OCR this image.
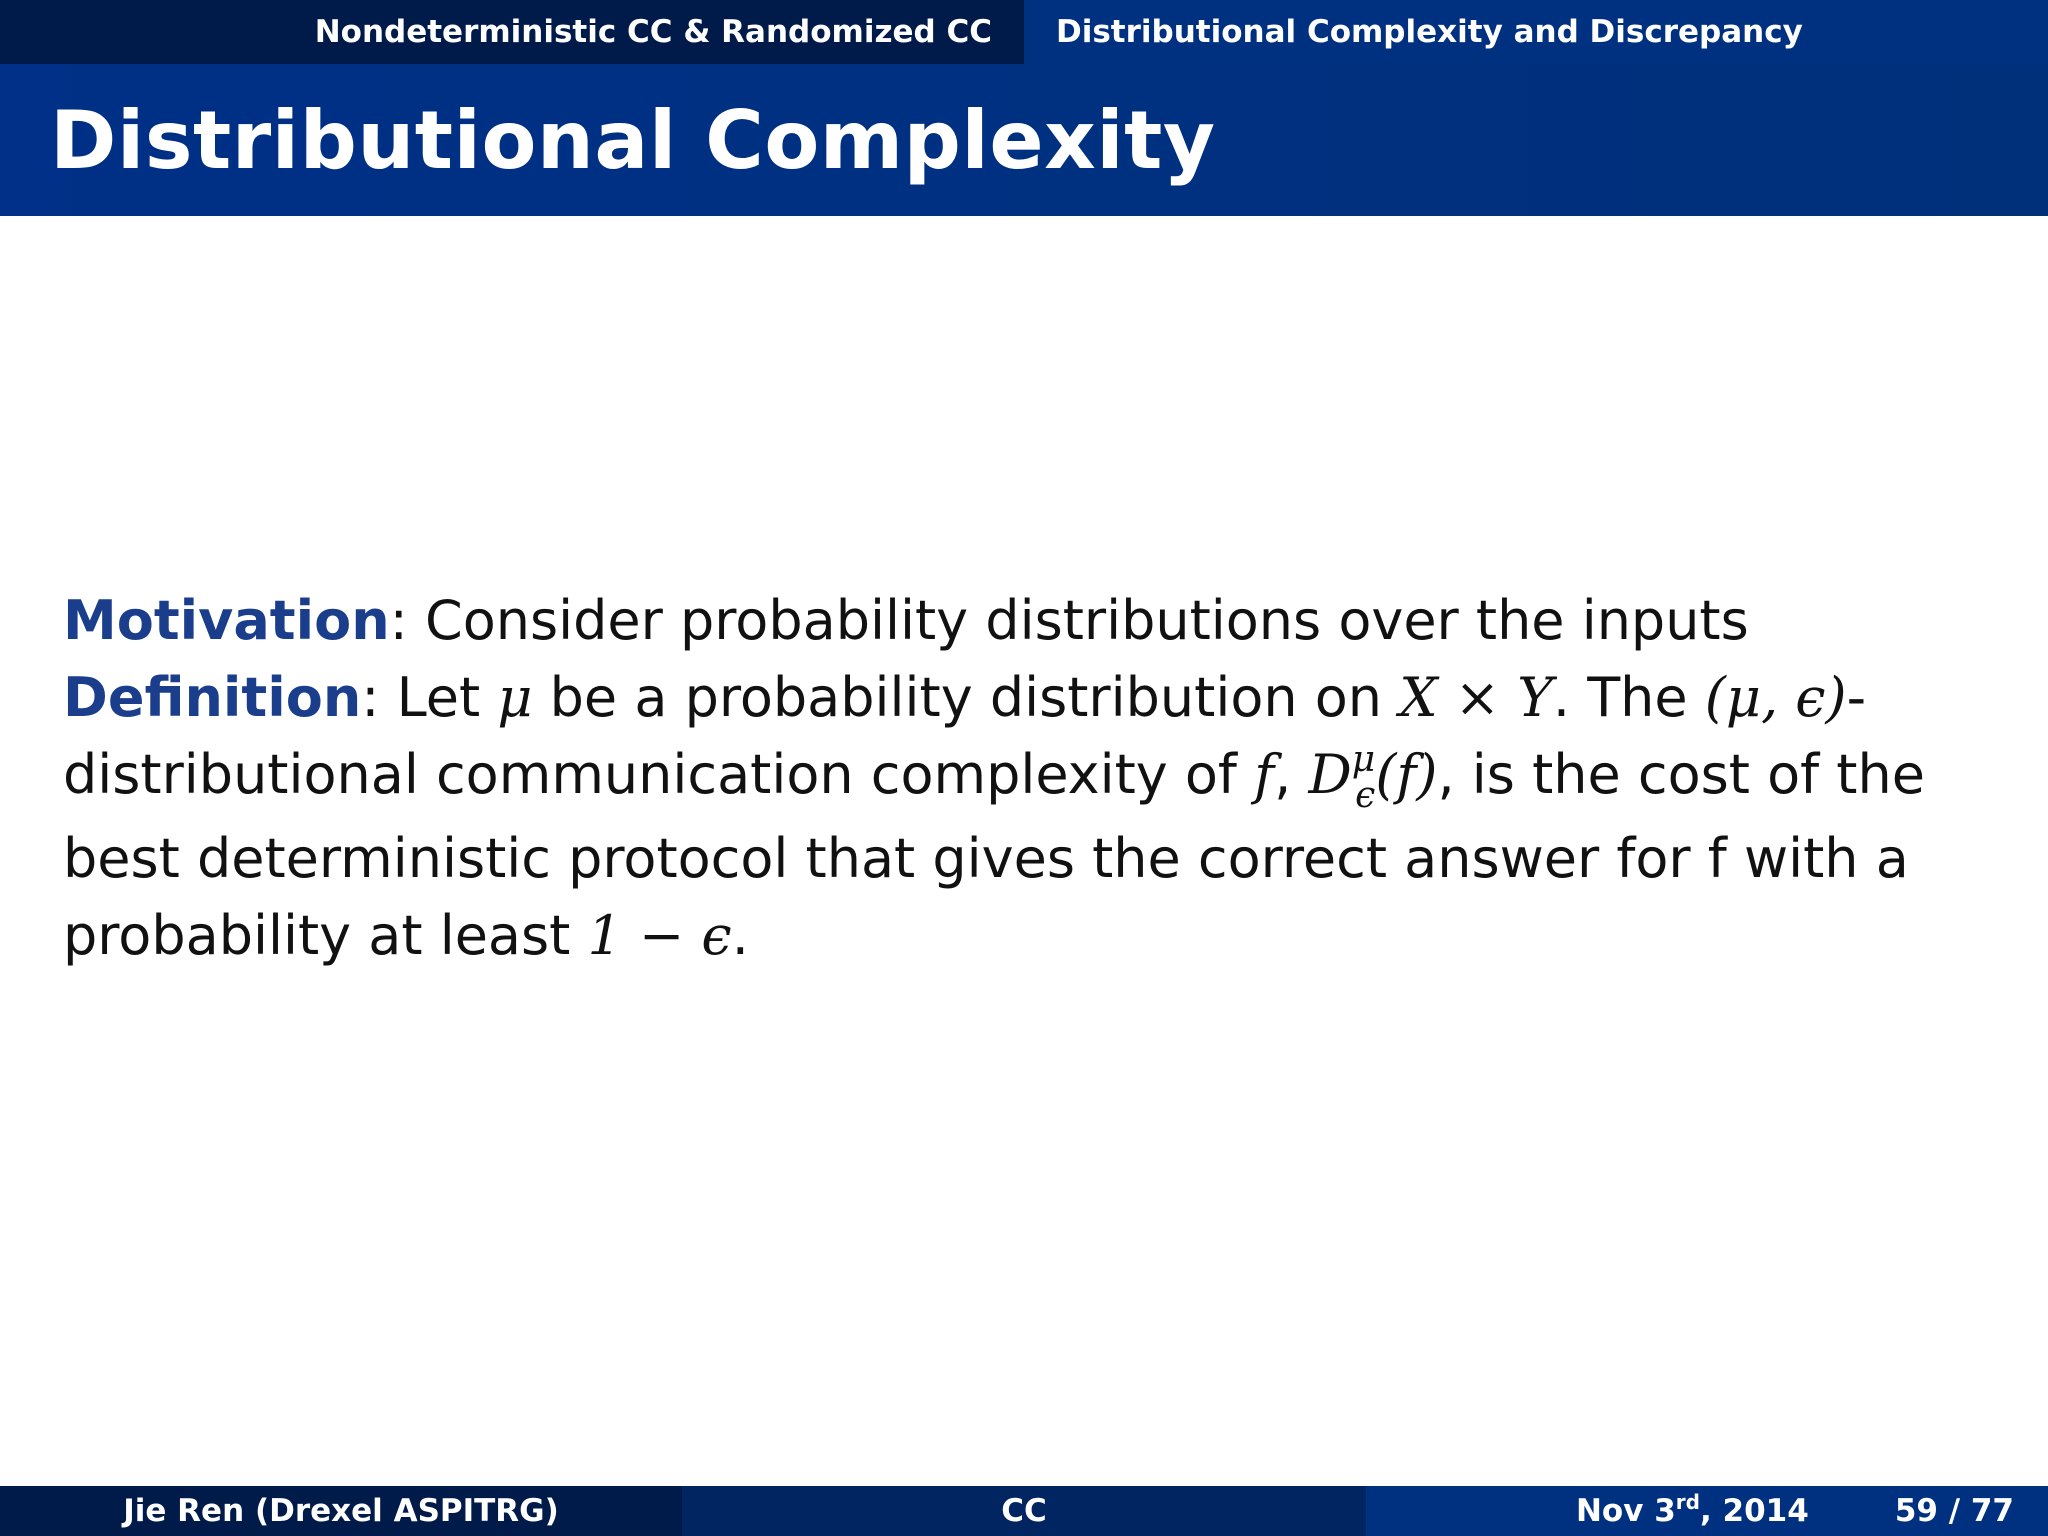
Nondeterministic CC & Randomized CC Distributional Complexity and Discrepancy
Distributional Complexity

Motivation: Consider probability distributions over the inputs

Definition: Let μ be a probability distribution on X × Y. The (μ, ϵ)-distributional communication complexity of f, $D^\mu_\epsilon(f)$, is the cost of the best deterministic protocol that gives the correct answer for f with a probability at least 1 − ϵ.

Jie Ren (Drexel ASPITRG)	CC	Nov 3rd, 2014	59 / 77
